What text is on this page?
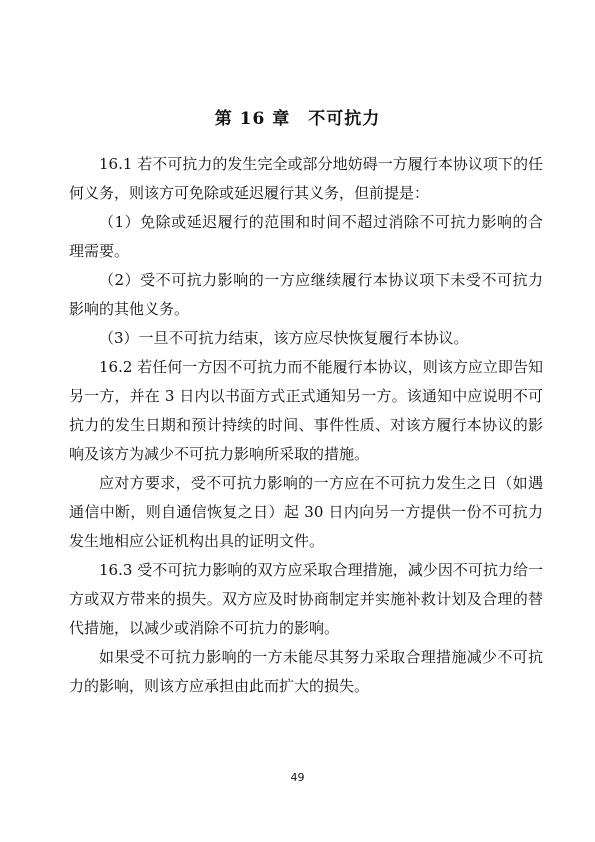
第 16 章　不可抗力

16.1 若不可抗力的发生完全或部分地妨碍一方履行本协议项下的任何义务，则该方可免除或延迟履行其义务，但前提是：

（1）免除或延迟履行的范围和时间不超过消除不可抗力影响的合理需要。

（2）受不可抗力影响的一方应继续履行本协议项下未受不可抗力影响的其他义务。

（3）一旦不可抗力结束，该方应尽快恢复履行本协议。

16.2 若任何一方因不可抗力而不能履行本协议，则该方应立即告知另一方，并在 3 日内以书面方式正式通知另一方。该通知中应说明不可抗力的发生日期和预计持续的时间、事件性质、对该方履行本协议的影响及该方为减少不可抗力影响所采取的措施。

应对方要求，受不可抗力影响的一方应在不可抗力发生之日（如遇通信中断，则自通信恢复之日）起 30 日内向另一方提供一份不可抗力发生地相应公证机构出具的证明文件。

16.3 受不可抗力影响的双方应采取合理措施，减少因不可抗力给一方或双方带来的损失。双方应及时协商制定并实施补救计划及合理的替代措施，以减少或消除不可抗力的影响。

如果受不可抗力影响的一方未能尽其努力采取合理措施减少不可抗力的影响，则该方应承担由此而扩大的损失。

49
